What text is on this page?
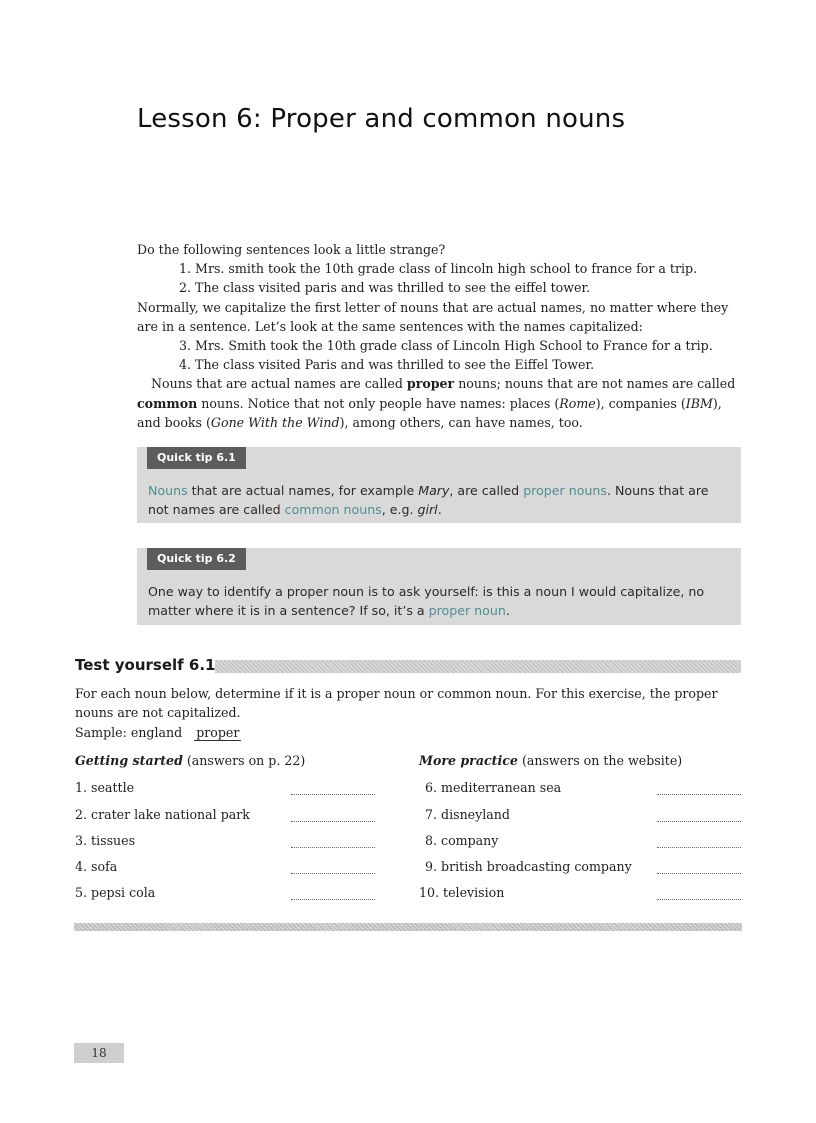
Lesson 6: Proper and common nouns

Do the following sentences look a little strange?

1. Mrs. smith took the 10th grade class of lincoln high school to france for a trip.
2. The class visited paris and was thrilled to see the eiffel tower.

Normally, we capitalize the first letter of nouns that are actual names, no matter where they are in a sentence. Let’s look at the same sentences with the names capitalized:

3. Mrs. Smith took the 10th grade class of Lincoln High School to France for a trip.
4. The class visited Paris and was thrilled to see the Eiffel Tower.

Nouns that are actual names are called proper nouns; nouns that are not names are called common nouns. Notice that not only people have names: places (Rome), companies (IBM), and books (Gone With the Wind), among others, can have names, too.

Quick tip 6.1
Nouns that are actual names, for example Mary, are called proper nouns. Nouns that are not names are called common nouns, e.g. girl.
Quick tip 6.2
One way to identify a proper noun is to ask yourself: is this a noun I would capitalize, no matter where it is in a sentence? If so, it’s a proper noun.
Test yourself 6.1

For each noun below, determine if it is a proper noun or common noun. For this exercise, the proper nouns are not capitalized.

Sample: england proper

Getting started (answers on p. 22)	More practice (answers on the website)
1. seattle
2. crater lake national park
3. tissues
4. sofa
5. pepsi cola
6. mediterranean sea
7. disneyland
8. company
9. british broadcasting company
10. television
18
